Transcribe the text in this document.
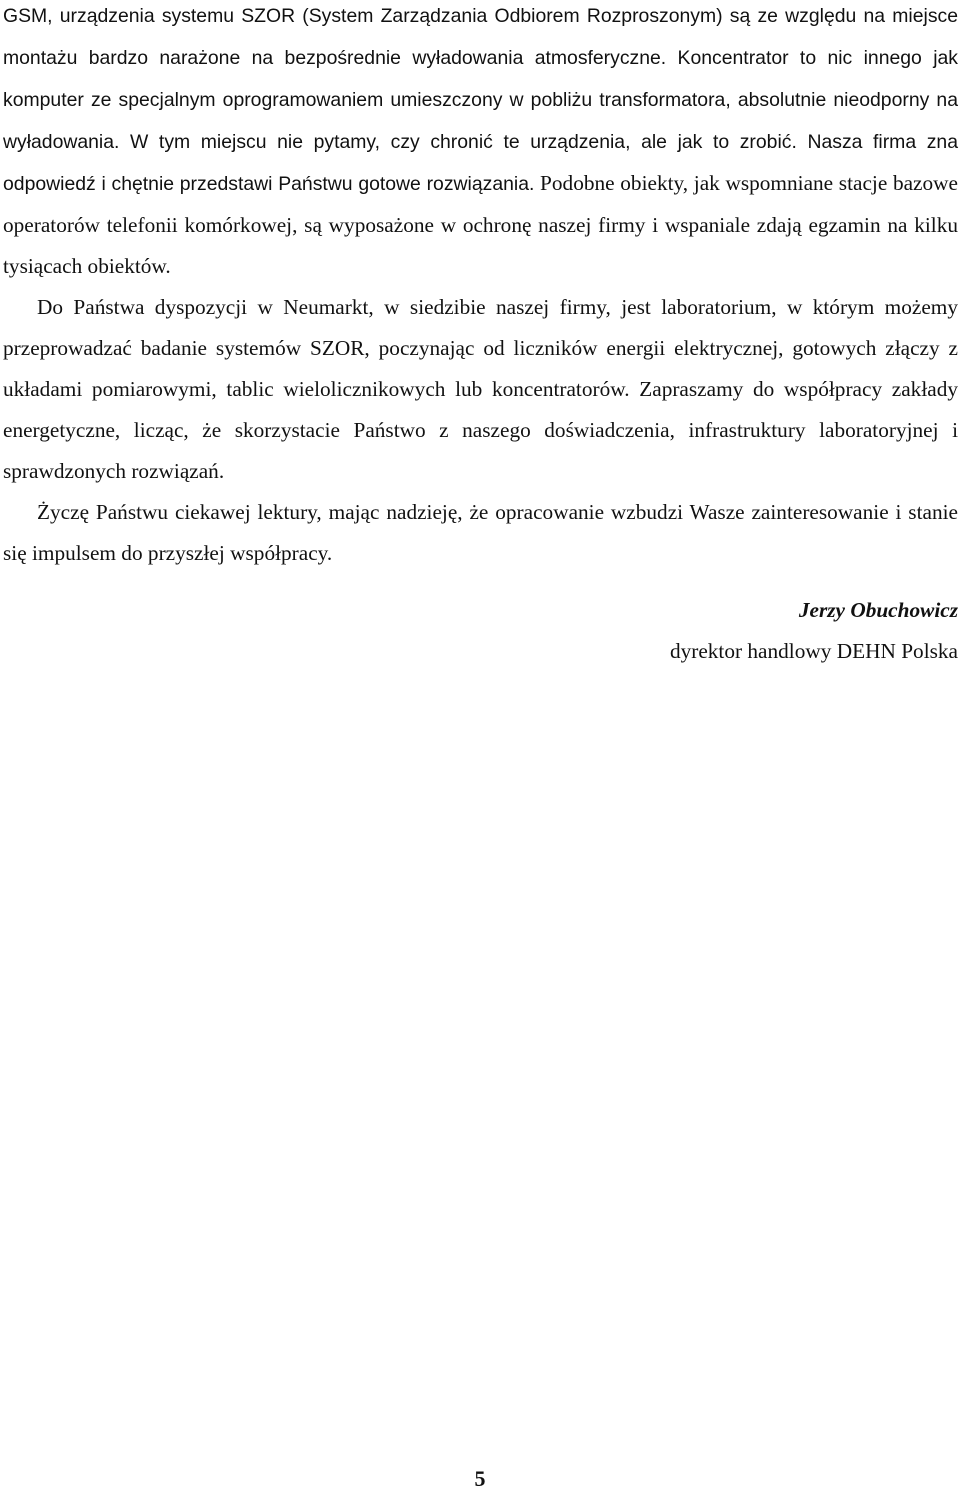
GSM, urządzenia systemu SZOR (System Zarządzania Odbiorem Rozproszonym) są ze względu na miejsce montażu bardzo narażone na bezpośrednie wyładowania atmosferyczne. Koncentrator to nic innego jak komputer ze specjalnym oprogramowaniem umieszczony w pobliżu transformatora, absolutnie nieodporny na wyładowania. W tym miejscu nie pytamy, czy chronić te urządzenia, ale jak to zrobić. Nasza firma zna odpowiedź i chętnie przedstawi Państwu gotowe rozwiązania. Podobne obiekty, jak wspomniane stacje bazowe operatorów telefonii komórkowej, są wyposażone w ochronę naszej firmy i wspaniale zdają egzamin na kilku tysiącach obiektów.

Do Państwa dyspozycji w Neumarkt, w siedzibie naszej firmy, jest laboratorium, w którym możemy przeprowadzać badanie systemów SZOR, poczynając od liczników energii elektrycznej, gotowych złączy z układami pomiarowymi, tablic wielolicznikowych lub koncentratorów. Zapraszamy do współpracy zakłady energetyczne, licząc, że skorzystacie Państwo z naszego doświadczenia, infrastruktury laboratoryjnej i sprawdzonych rozwiązań.

Życzę Państwu ciekawej lektury, mając nadzieję, że opracowanie wzbudzi Wasze zainteresowanie i stanie się impulsem do przyszłej współpracy.

Jerzy Obuchowicz
dyrektor handlowy DEHN Polska
5
